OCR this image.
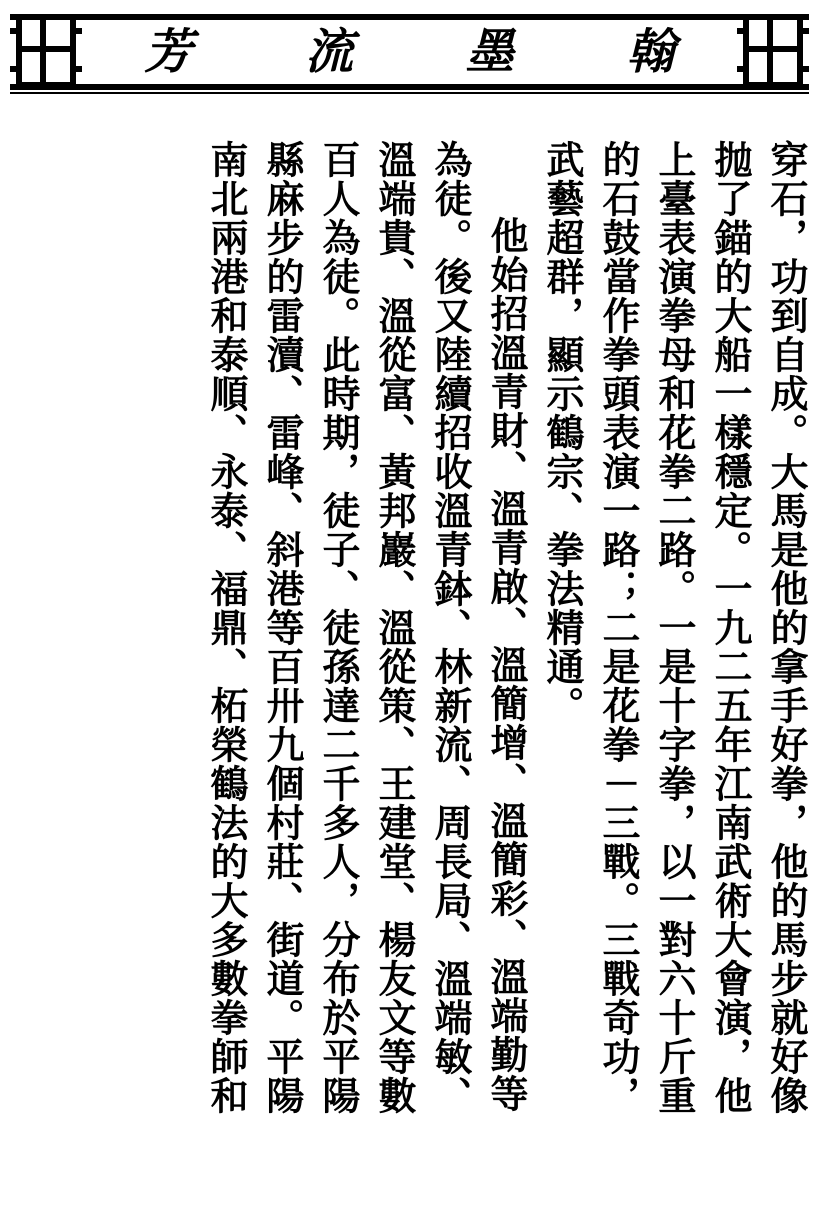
芳 流 墨 翰
穿石，功到自成。大馬是他的拿手好拳，他的馬步就好像
抛了錨的大船一樣穩定。一九二五年江南武術大會演，他
上臺表演拳母和花拳二路。一是十字拳，以一對六十斤重
的石鼓當作拳頭表演一路；二是花拳－三戰。三戰奇功，
武藝超群，顯示鶴宗、拳法精通。
他始招溫青財、溫青啟、溫簡增、溫簡彩、溫端勤等
為徒。後又陸續招收溫青鉢、林新流、周長局、溫端敏、
溫端貴、溫從富、黃邦巖、溫從策、王建堂、楊友文等數
百人為徒。此時期，徒子、徒孫達二千多人，分布於平陽
縣麻步的雷瀆、雷峰、斜港等百卅九個村莊、街道。平陽
南北兩港和泰順、永泰、福鼎、柘榮鶴法的大多數拳師和
